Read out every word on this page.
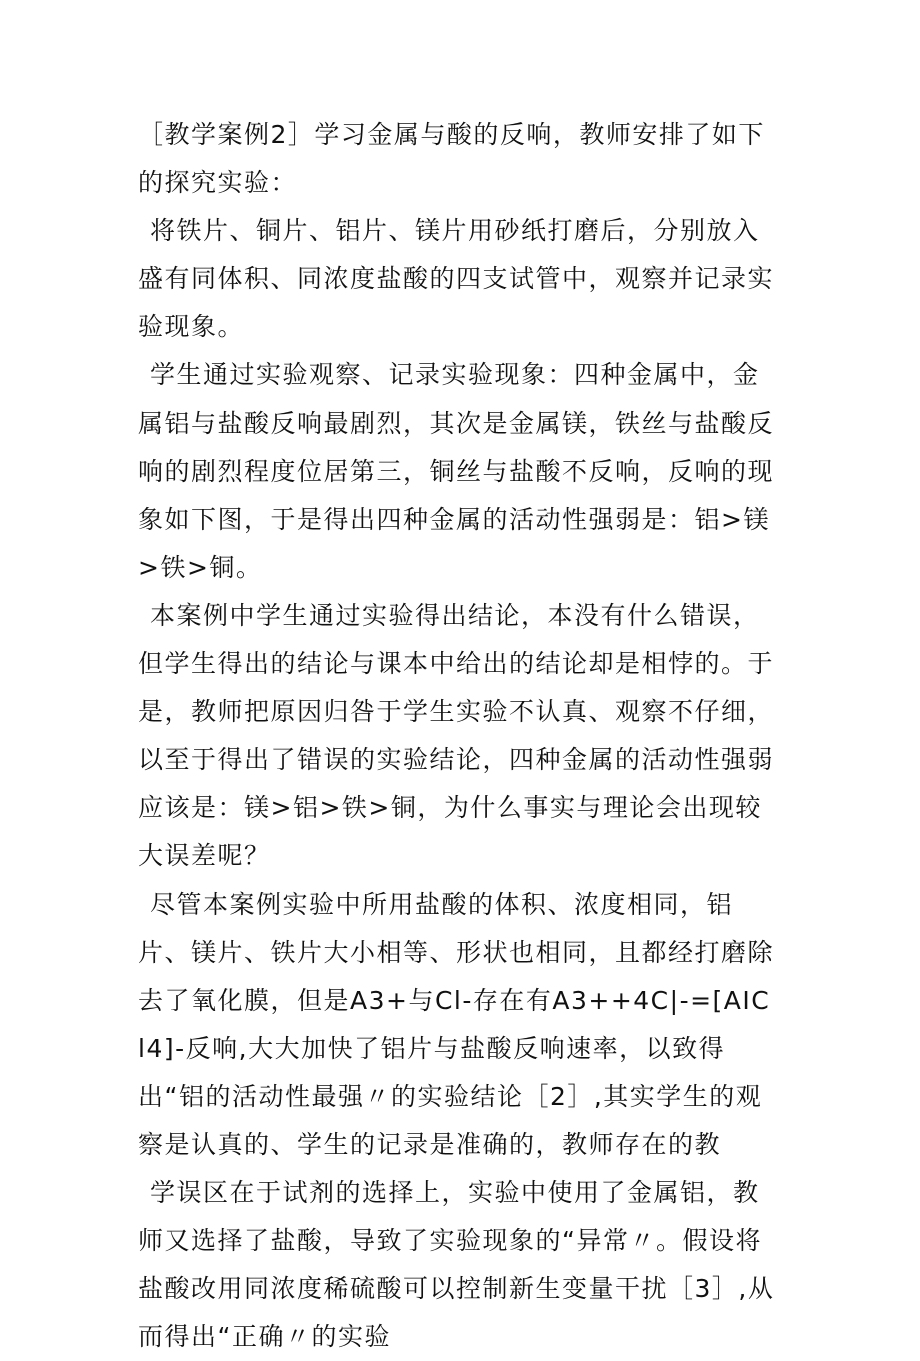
［教学案例2］学习金属与酸的反响，教师安排了如下的探究实验：

将铁片、铜片、铝片、镁片用砂纸打磨后，分别放入盛有同体积、同浓度盐酸的四支试管中，观察并记录实验现象。

学生通过实验观察、记录实验现象：四种金属中，金属铝与盐酸反响最剧烈，其次是金属镁，铁丝与盐酸反响的剧烈程度位居第三，铜丝与盐酸不反响，反响的现象如下图，于是得出四种金属的活动性强弱是：铝>镁>铁>铜。

本案例中学生通过实验得出结论，本没有什么错误，但学生得出的结论与课本中给出的结论却是相悖的。于是，教师把原因归咎于学生实验不认真、观察不仔细，以至于得出了错误的实验结论，四种金属的活动性强弱应该是：镁>铝>铁>铜，为什么事实与理论会出现较大误差呢？

尽管本案例实验中所用盐酸的体积、浓度相同，铝片、镁片、铁片大小相等、形状也相同，且都经打磨除去了氧化膜，但是A3+与Cl-存在有A3++4C|-=[AICl4]-反响,大大加快了铝片与盐酸反响速率，以致得出“铝的活动性最强〃的实验结论［2］,其实学生的观察是认真的、学生的记录是准确的，教师存在的教

学误区在于试剂的选择上，实验中使用了金属铝，教师又选择了盐酸，导致了实验现象的“异常〃。假设将盐酸改用同浓度稀硫酸可以控制新生变量干扰［3］,从而得出“正确〃的实验
